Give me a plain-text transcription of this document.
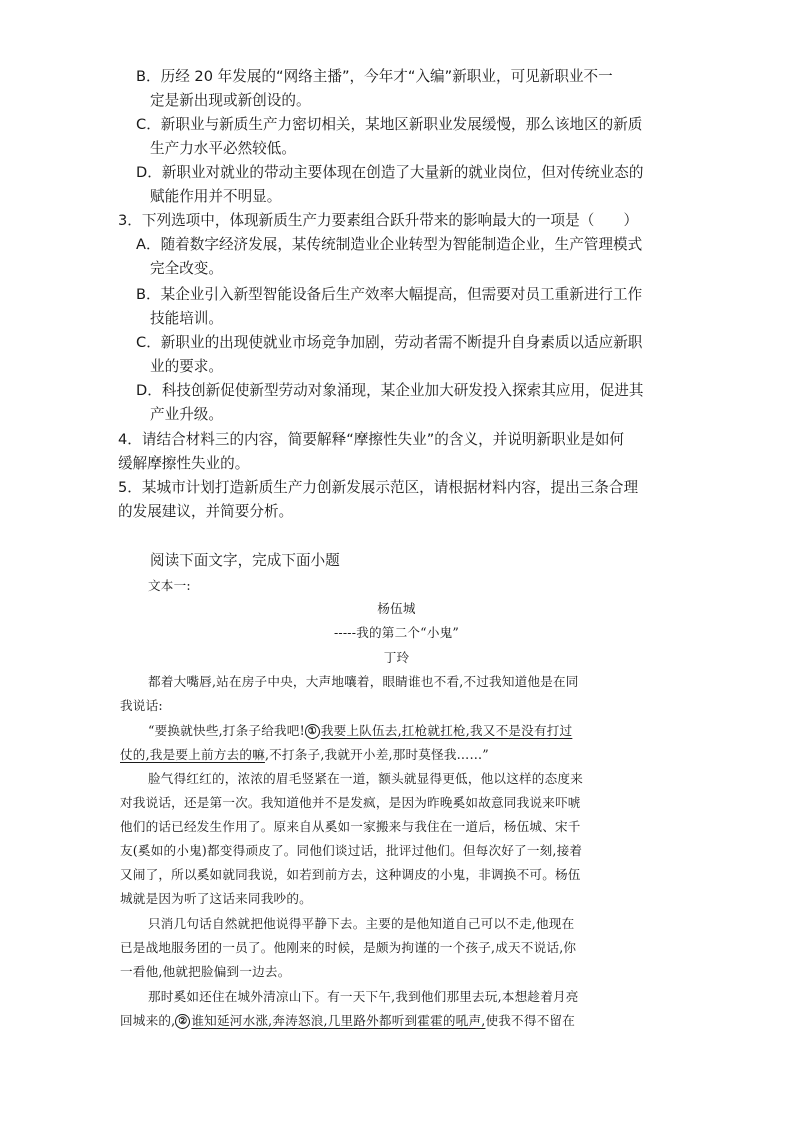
B．历经 20 年发展的“网络主播”，今年才“入编”新职业，可见新职业不一
定是新出现或新创设的。
C．新职业与新质生产力密切相关，某地区新职业发展缓慢，那么该地区的新质
生产力水平必然较低。
D．新职业对就业的带动主要体现在创造了大量新的就业岗位，但对传统业态的
赋能作用并不明显。
3．下列选项中，体现新质生产力要素组合跃升带来的影响最大的一项是（　　）
A．随着数字经济发展，某传统制造业企业转型为智能制造企业，生产管理模式
完全改变。
B．某企业引入新型智能设备后生产效率大幅提高，但需要对员工重新进行工作
技能培训。
C．新职业的出现使就业市场竞争加剧，劳动者需不断提升自身素质以适应新职
业的要求。
D．科技创新促使新型劳动对象涌现，某企业加大研发投入探索其应用，促进其
产业升级。
4．请结合材料三的内容，简要解释“摩擦性失业”的含义，并说明新职业是如何
缓解摩擦性失业的。
5．某城市计划打造新质生产力创新发展示范区，请根据材料内容，提出三条合理
的发展建议，并简要分析。
阅读下面文字，完成下面小题
文本一:
杨伍城
-----我的第二个“小鬼”
丁玲
都着大嘴唇,站在房子中央，大声地嚷着，眼睛谁也不看,不过我知道他是在同
我说话:
“要换就快些,打条子给我吧! ① 我要上队伍去,扛枪就扛枪,我又不是没有打过
仗的,我是要上前方去的嘛,不打条子,我就开小差,那时莫怪我……”
脸气得红红的，浓浓的眉毛竖紧在一道，额头就显得更低，他以这样的态度来
对我说话，还是第一次。我知道他并不是发疯，是因为昨晚奚如故意同我说来吓唬
他们的话已经发生作用了。原来自从奚如一家搬来与我住在一道后，杨伍城、宋千
友(奚如的小鬼)都变得顽皮了。同他们谈过话，批评过他们。但每次好了一刻,接着
又闹了，所以奚如就同我说，如若到前方去，这种调皮的小鬼，非调换不可。杨伍
城就是因为听了这话来同我吵的。
只消几句话自然就把他说得平静下去。主要的是他知道自己可以不走,他现在
已是战地服务团的一员了。他刚来的时候，是颇为拘谨的一个孩子,成天不说话,你
一看他,他就把脸偏到一边去。
那时奚如还住在城外清凉山下。有一天下午,我到他们那里去玩,本想趁着月亮
回城来的, ② 谁知延河水涨,奔涛怒浪,几里路外都听到霍霍的吼声,使我不得不留在
